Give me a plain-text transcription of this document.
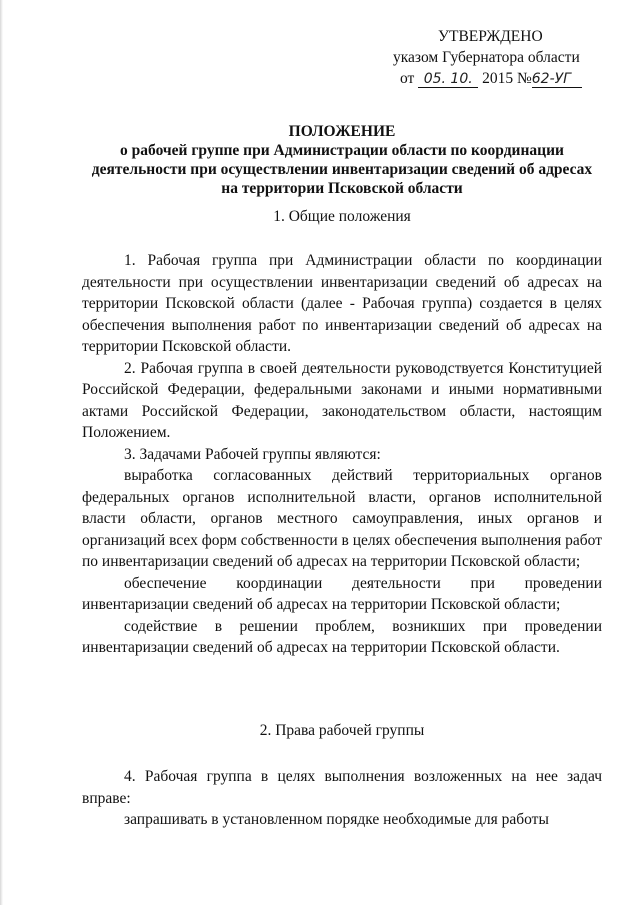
УТВЕРЖДЕНО
указом Губернатора области
от 05. 10. 2015 №62-УГ
ПОЛОЖЕНИЕ
о рабочей группе при Администрации области по координации
деятельности при осуществлении инвентаризации сведений об адресах
на территории Псковской области
1. Общие положения

1. Рабочая группа при Администрации области по координации деятельности при осуществлении инвентаризации сведений об адресах на территории Псковской области (далее - Рабочая группа) создается в целях обеспечения выполнения работ по инвентаризации сведений об адресах на территории Псковской области.

2. Рабочая группа в своей деятельности руководствуется Конституцией Российской Федерации, федеральными законами и иными нормативными актами Российской Федерации, законодательством области, настоящим Положением.

3. Задачами Рабочей группы являются:

выработка согласованных действий территориальных органов федеральных органов исполнительной власти, органов исполнительной власти области, органов местного самоуправления, иных органов и организаций всех форм собственности в целях обеспечения выполнения работ по инвентаризации сведений об адресах на территории Псковской области;

обеспечение координации деятельности при проведении инвентаризации сведений об адресах на территории Псковской области;

содействие в решении проблем, возникших при проведении инвентаризации сведений об адресах на территории Псковской области.

2. Права рабочей группы

4. Рабочая группа в целях выполнения возложенных на нее задач вправе:

запрашивать в установленном порядке необходимые для работы
